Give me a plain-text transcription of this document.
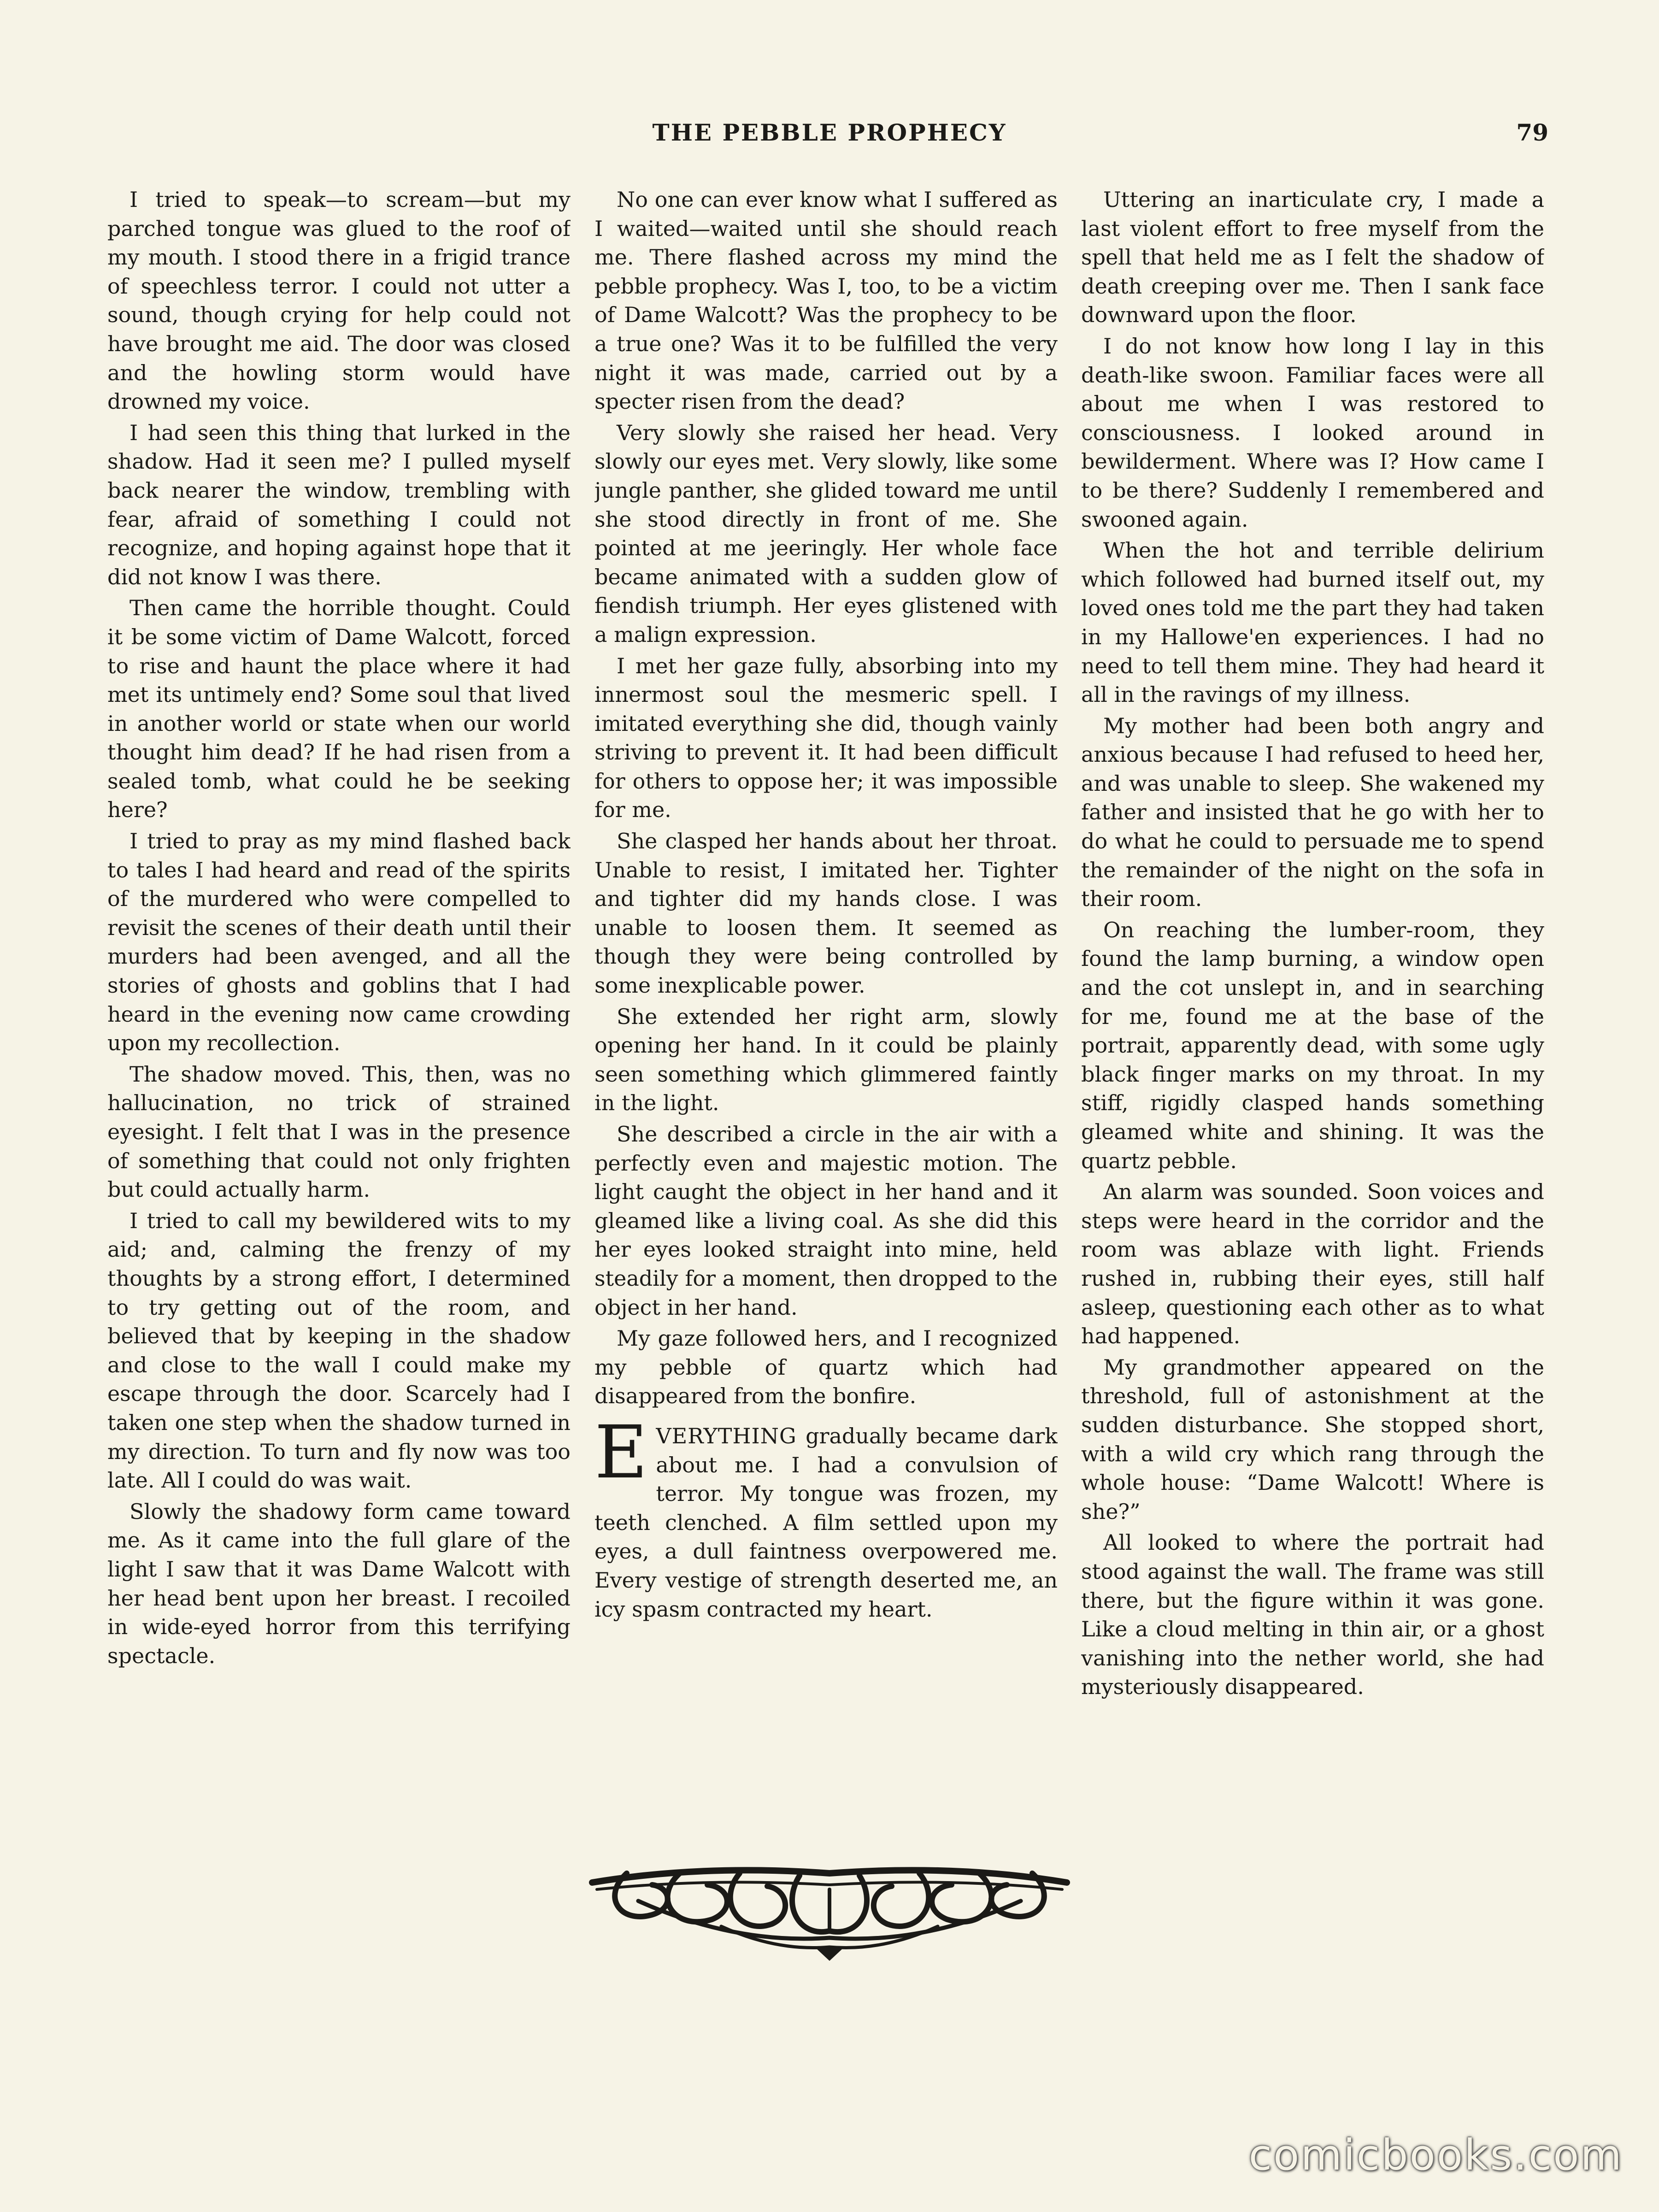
THE PEBBLE PROPHECY	79

I tried to speak—to scream—but my parched tongue was glued to the roof of my mouth. I stood there in a frigid trance of speechless terror. I could not utter a sound, though crying for help could not have brought me aid. The door was closed and the howling storm would have drowned my voice.

I had seen this thing that lurked in the shadow. Had it seen me? I pulled myself back nearer the window, trembling with fear, afraid of something I could not recognize, and hoping against hope that it did not know I was there.

Then came the horrible thought. Could it be some victim of Dame Walcott, forced to rise and haunt the place where it had met its untimely end? Some soul that lived in another world or state when our world thought him dead? If he had risen from a sealed tomb, what could he be seeking here?

I tried to pray as my mind flashed back to tales I had heard and read of the spirits of the murdered who were compelled to revisit the scenes of their death until their murders had been avenged, and all the stories of ghosts and goblins that I had heard in the evening now came crowding upon my recollection.

The shadow moved. This, then, was no hallucination, no trick of strained eyesight. I felt that I was in the presence of something that could not only frighten but could actually harm.

I tried to call my bewildered wits to my aid; and, calming the frenzy of my thoughts by a strong effort, I determined to try getting out of the room, and believed that by keeping in the shadow and close to the wall I could make my escape through the door. Scarcely had I taken one step when the shadow turned in my direction. To turn and fly now was too late. All I could do was wait.

Slowly the shadowy form came toward me. As it came into the full glare of the light I saw that it was Dame Walcott with her head bent upon her breast. I recoiled in wide-eyed horror from this terrifying spectacle.

No one can ever know what I suffered as I waited—waited until she should reach me. There flashed across my mind the pebble prophecy. Was I, too, to be a victim of Dame Walcott? Was the prophecy to be a true one? Was it to be fulfilled the very night it was made, carried out by a specter risen from the dead?

Very slowly she raised her head. Very slowly our eyes met. Very slowly, like some jungle panther, she glided toward me until she stood directly in front of me. She pointed at me jeeringly. Her whole face became animated with a sudden glow of fiendish triumph. Her eyes glistened with a malign expression.

I met her gaze fully, absorbing into my innermost soul the mesmeric spell. I imitated everything she did, though vainly striving to prevent it. It had been difficult for others to oppose her; it was impossible for me.

She clasped her hands about her throat. Unable to resist, I imitated her. Tighter and tighter did my hands close. I was unable to loosen them. It seemed as though they were being controlled by some inexplicable power.

She extended her right arm, slowly opening her hand. In it could be plainly seen something which glimmered faintly in the light.

She described a circle in the air with a perfectly even and majestic motion. The light caught the object in her hand and it gleamed like a living coal. As she did this her eyes looked straight into mine, held steadily for a moment, then dropped to the object in her hand.

My gaze followed hers, and I recognized my pebble of quartz which had disappeared from the bonfire.

EVERYTHING gradually became dark about me. I had a convulsion of terror. My tongue was frozen, my teeth clenched. A film settled upon my eyes, a dull faintness overpowered me. Every vestige of strength deserted me, an icy spasm contracted my heart.

Uttering an inarticulate cry, I made a last violent effort to free myself from the spell that held me as I felt the shadow of death creeping over me. Then I sank face downward upon the floor.

I do not know how long I lay in this death-like swoon. Familiar faces were all about me when I was restored to consciousness. I looked around in bewilderment. Where was I? How came I to be there? Suddenly I remembered and swooned again.

When the hot and terrible delirium which followed had burned itself out, my loved ones told me the part they had taken in my Hallowe'en experiences. I had no need to tell them mine. They had heard it all in the ravings of my illness.

My mother had been both angry and anxious because I had refused to heed her, and was unable to sleep. She wakened my father and insisted that he go with her to do what he could to persuade me to spend the remainder of the night on the sofa in their room.

On reaching the lumber-room, they found the lamp burning, a window open and the cot unslept in, and in searching for me, found me at the base of the portrait, apparently dead, with some ugly black finger marks on my throat. In my stiff, rigidly clasped hands something gleamed white and shining. It was the quartz pebble.

An alarm was sounded. Soon voices and steps were heard in the corridor and the room was ablaze with light. Friends rushed in, rubbing their eyes, still half asleep, questioning each other as to what had happened.

My grandmother appeared on the threshold, full of astonishment at the sudden disturbance. She stopped short, with a wild cry which rang through the whole house: “Dame Walcott! Where is she?”

All looked to where the portrait had stood against the wall. The frame was still there, but the figure within it was gone. Like a cloud melting in thin air, or a ghost vanishing into the nether world, she had mysteriously disappeared.

comicbooks.com
